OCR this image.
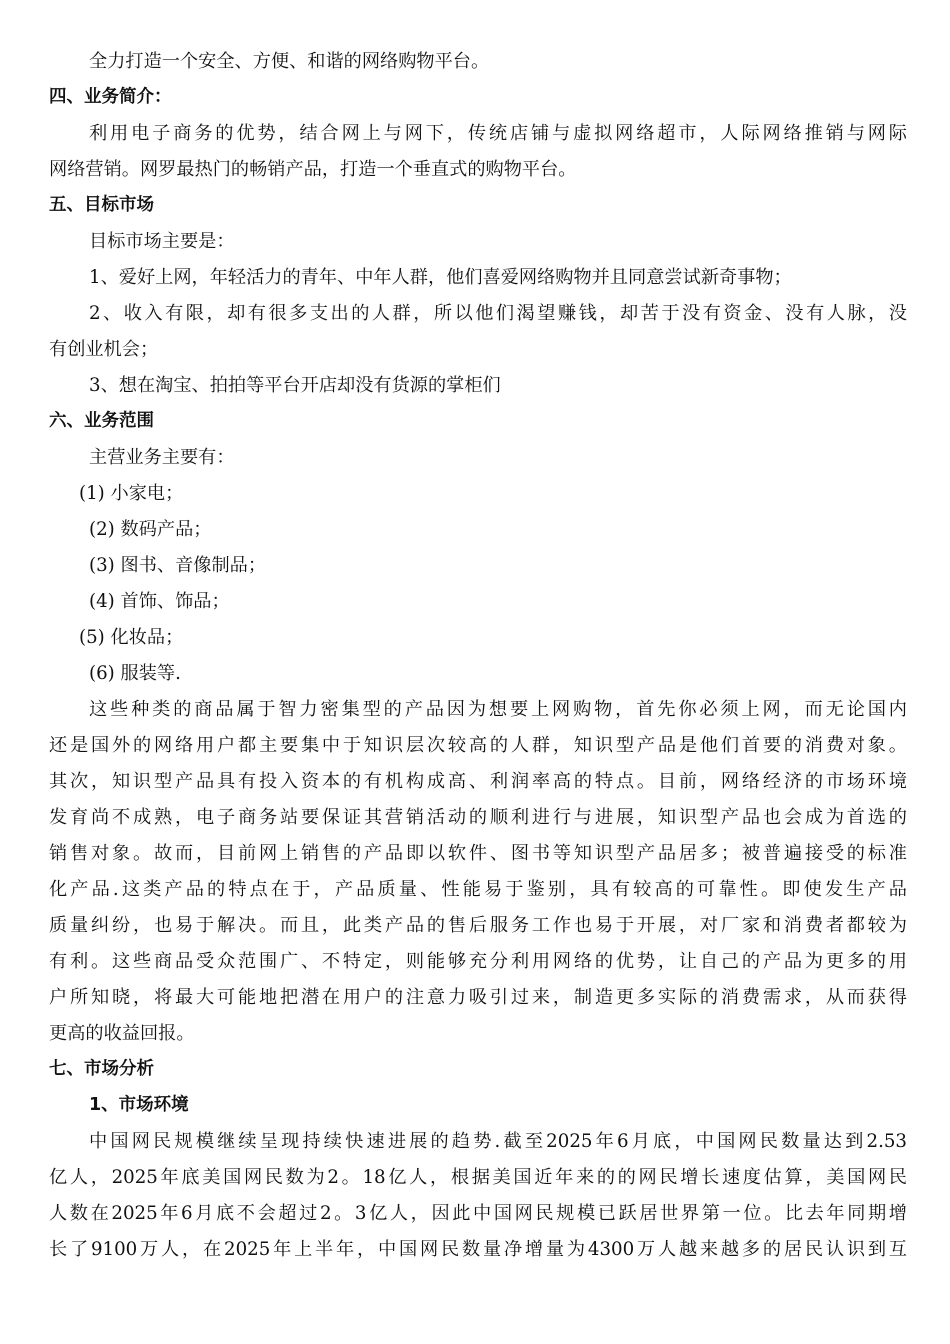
全力打造一个安全、方便、和谐的网络购物平台。
四、业务简介：
利用电子商务的优势，结合网上与网下，传统店铺与虚拟网络超市，人际网络推销与网际
网络营销。网罗最热门的畅销产品，打造一个垂直式的购物平台。
五、目标市场
目标市场主要是：
1、爱好上网，年轻活力的青年、中年人群，他们喜爱网络购物并且同意尝试新奇事物；
2、收入有限，却有很多支出的人群，所以他们渴望赚钱，却苦于没有资金、没有人脉，没
有创业机会；
3、想在淘宝、拍拍等平台开店却没有货源的掌柜们
六、业务范围
主营业务主要有：
(1) 小家电；
(2) 数码产品；
(3) 图书、音像制品；
(4) 首饰、饰品；
(5) 化妆品；
(6) 服装等.
这些种类的商品属于智力密集型的产品因为想要上网购物，首先你必须上网，而无论国内
还是国外的网络用户都主要集中于知识层次较高的人群，知识型产品是他们首要的消费对象。
其次，知识型产品具有投入资本的有机构成高、利润率高的特点。目前，网络经济的市场环境
发育尚不成熟，电子商务站要保证其营销活动的顺利进行与进展，知识型产品也会成为首选的
销售对象。故而，目前网上销售的产品即以软件、图书等知识型产品居多；被普遍接受的标准
化产品.这类产品的特点在于，产品质量、性能易于鉴别，具有较高的可靠性。即使发生产品
质量纠纷，也易于解决。而且，此类产品的售后服务工作也易于开展，对厂家和消费者都较为
有利。这些商品受众范围广、不特定，则能够充分利用网络的优势，让自己的产品为更多的用
户所知晓，将最大可能地把潜在用户的注意力吸引过来，制造更多实际的消费需求，从而获得
更高的收益回报。
七、市场分析
1、市场环境
中国网民规模继续呈现持续快速进展的趋势.截至2025年6月底，中国网民数量达到2.53
亿人，2025年底美国网民数为2。18亿人，根据美国近年来的的网民增长速度估算，美国网民
人数在2025年6月底不会超过2。3亿人，因此中国网民规模已跃居世界第一位。比去年同期增
长了9100万人，在2025年上半年，中国网民数量净增量为4300万人越来越多的居民认识到互
